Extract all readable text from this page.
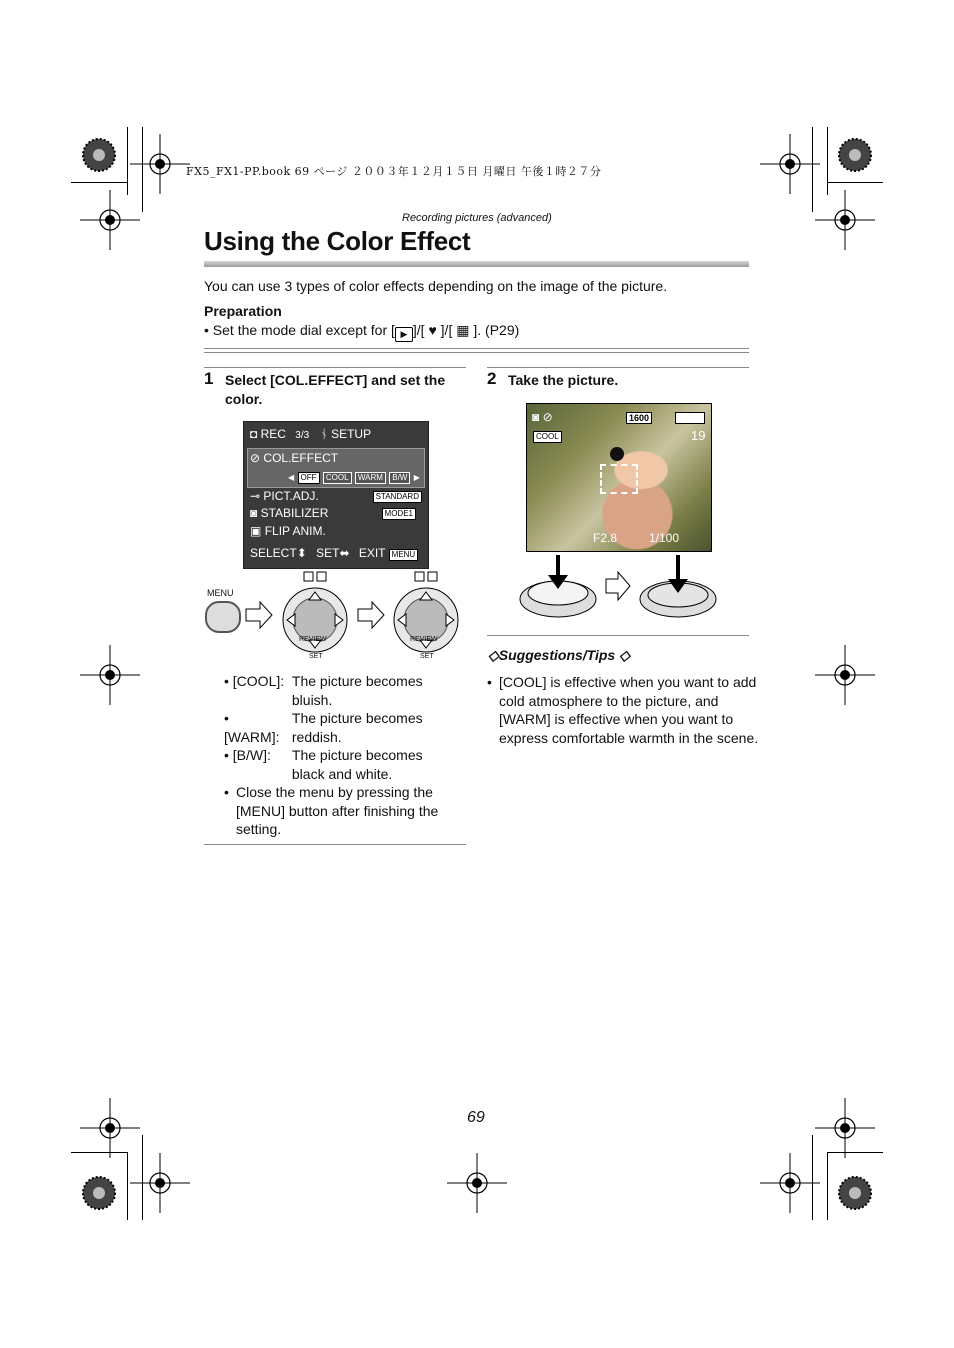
FX5_FX1-PP.book 69 ページ ２００３年１２月１５日 月曜日 午後１時２７分
Recording pictures (advanced)
Using the Color Effect
You can use 3 types of color effects depending on the image of the picture.
Preparation
• Set the mode dial except for [ ▶ ]/[ ♥ ]/[ ▦ ]. (P29)
1 Select [COL.EFFECT] and set the color.
◘ REC 3/3 ᚾ SETUP
⊘ COL.EFFECT
◀ OFF COOL WARM B/W ▶
⊸ PICT.ADJ.	STANDARD
◙ STABILIZER	MODE1
▣ FLIP ANIM.
SELECT⬍ SET⬌ EXIT MENU
MENU
REVIEW
SET
REVIEW
SET
• [COOL]: The picture becomes bluish.
• [WARM]: The picture becomes reddish.
• [B/W]: The picture becomes black and white.
• Close the menu by pressing the [MENU] button after finishing the setting.
2 Take the picture.
◙ ⊘	1600
COOL	19
F2.8	1/100
◇Suggestions/Tips ◇
• [COOL] is effective when you want to add cold atmosphere to the picture, and [WARM] is effective when you want to express comfortable warmth in the scene.
69
